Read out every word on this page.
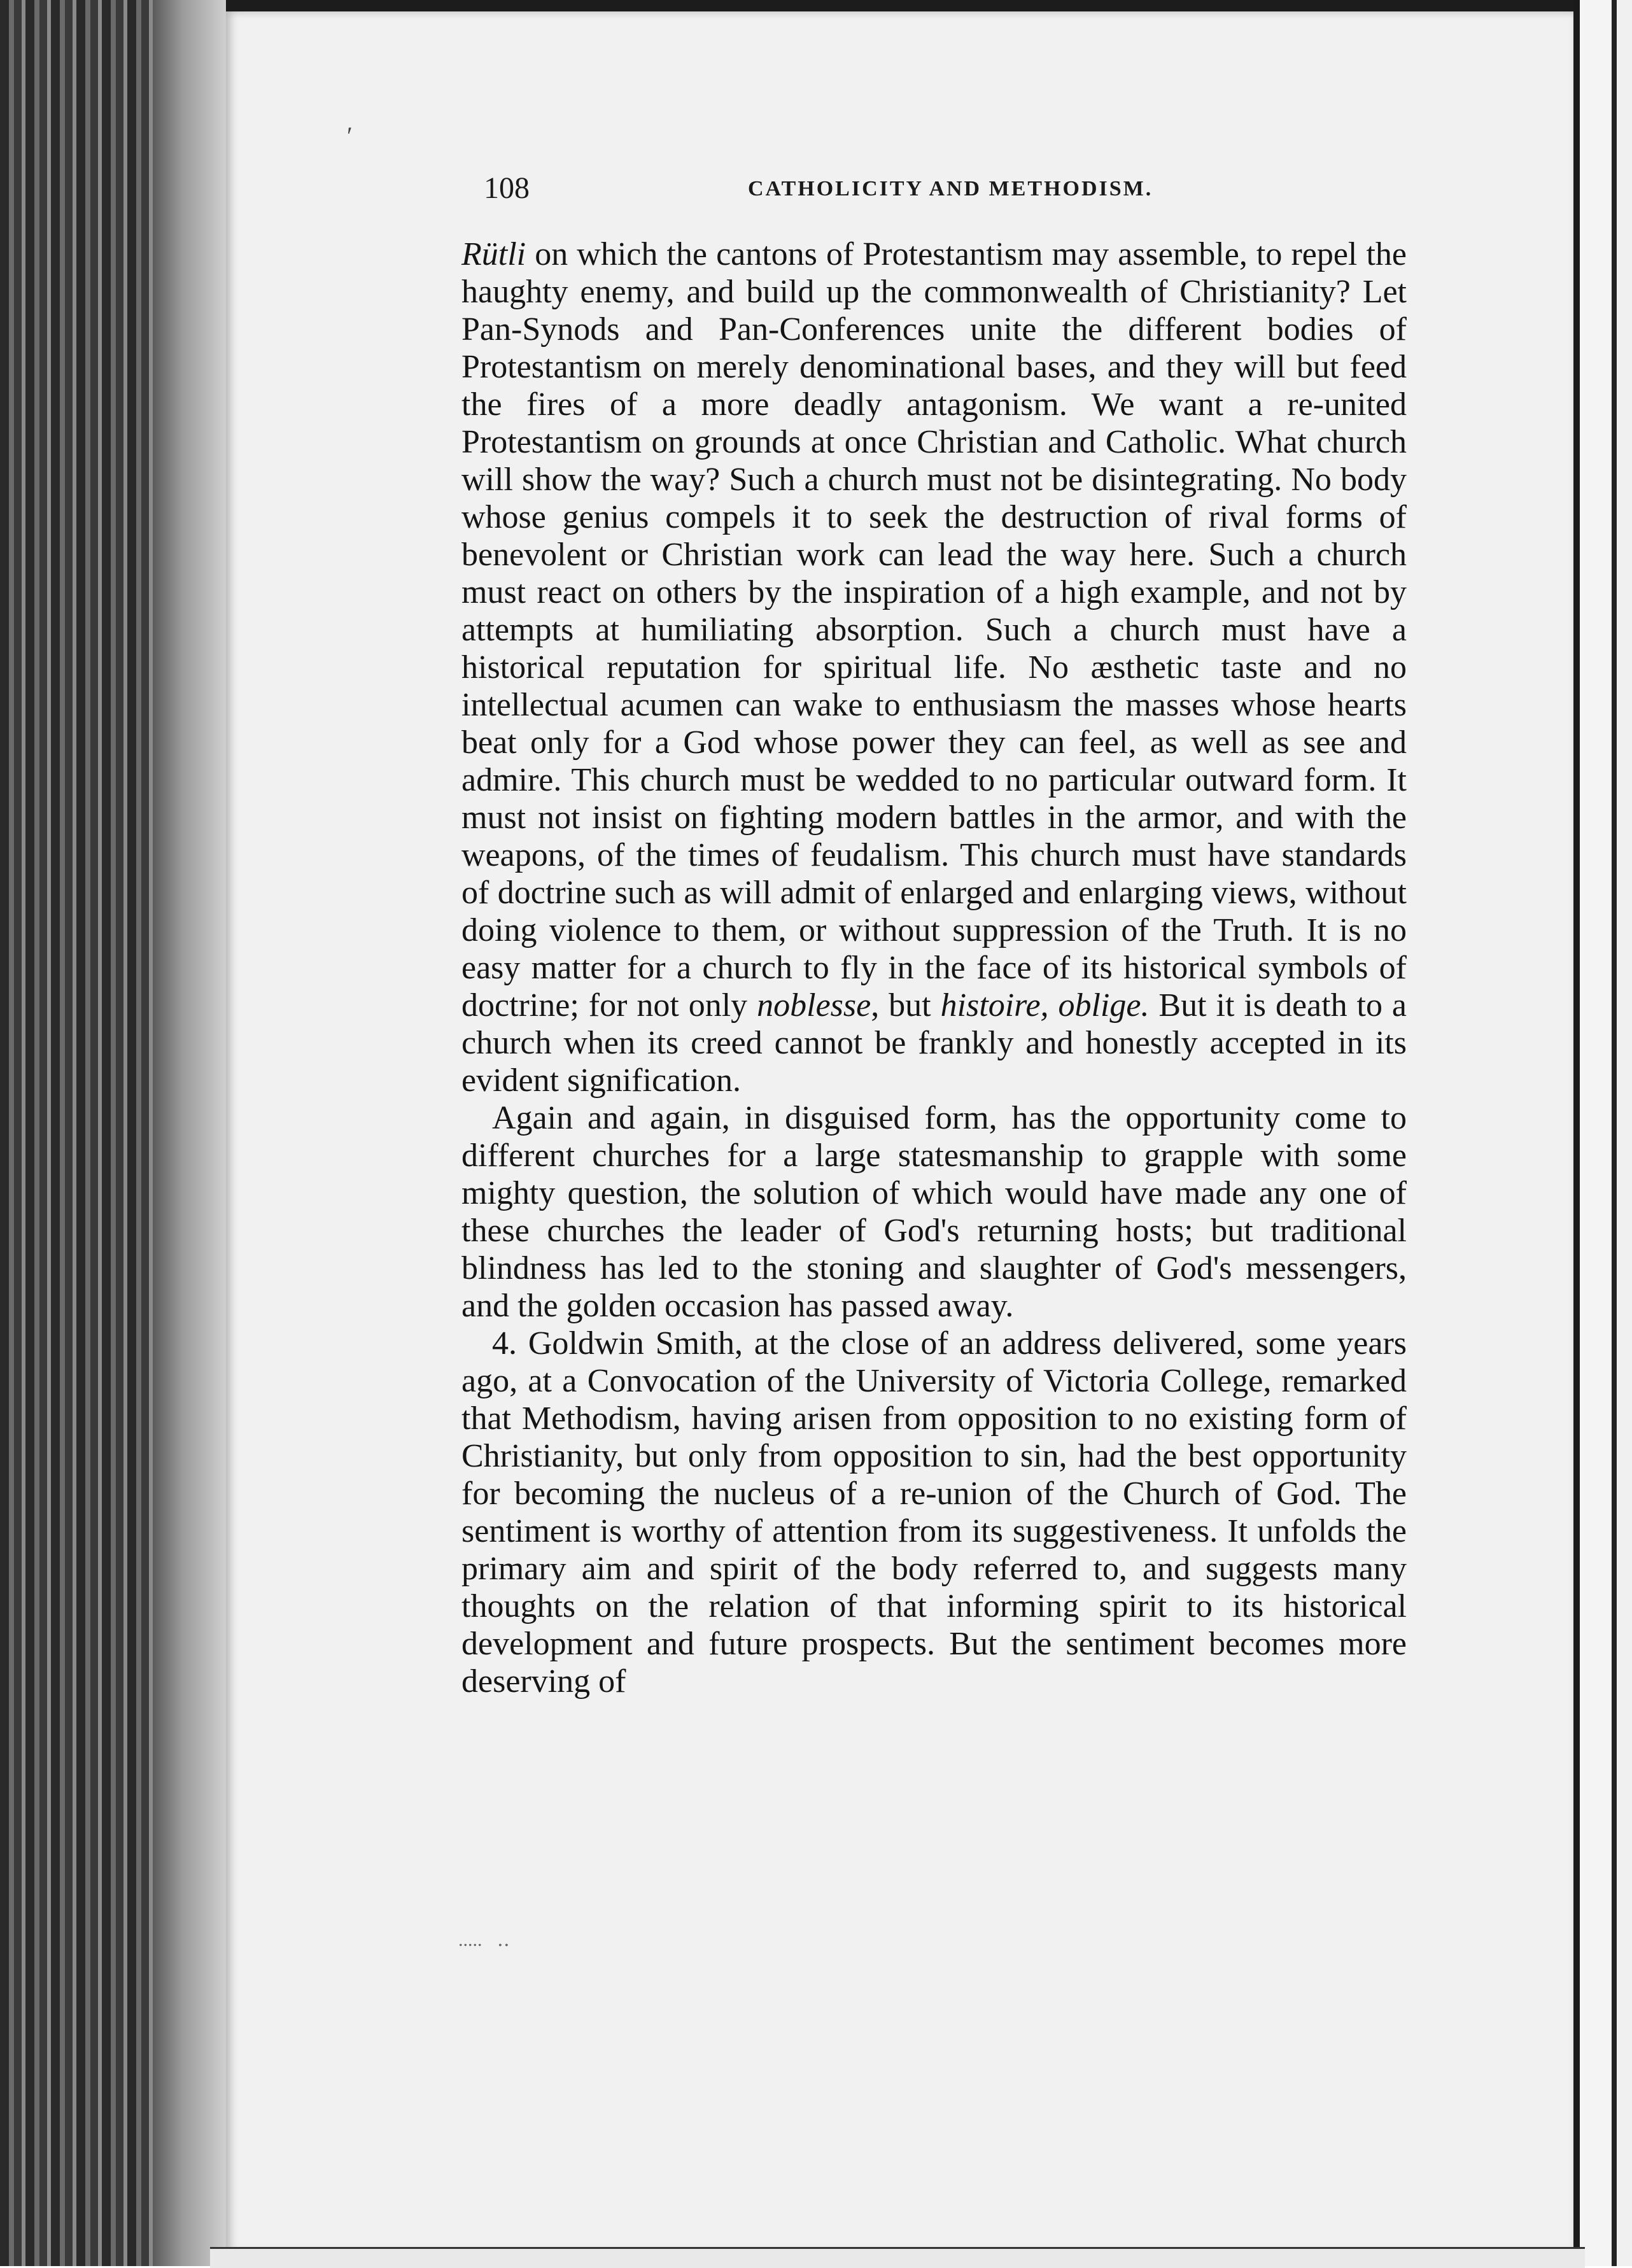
108	CATHOLICITY AND METHODISM.

Rütli on which the cantons of Protestantism may assemble, to repel the haughty enemy, and build up the commonwealth of Christianity? Let Pan-Synods and Pan-Conferences unite the different bodies of Protestantism on merely denominational bases, and they will but feed the fires of a more deadly antagonism. We want a re-united Protestantism on grounds at once Christian and Catholic. What church will show the way? Such a church must not be disintegrating. No body whose genius compels it to seek the destruction of rival forms of benevolent or Christian work can lead the way here. Such a church must react on others by the inspiration of a high example, and not by attempts at humiliating absorption. Such a church must have a historical reputation for spiritual life. No æsthetic taste and no intellectual acumen can wake to enthusiasm the masses whose hearts beat only for a God whose power they can feel, as well as see and admire. This church must be wedded to no particular outward form. It must not insist on fighting modern battles in the armor, and with the weapons, of the times of feudalism. This church must have standards of doctrine such as will admit of enlarged and enlarging views, without doing violence to them, or without suppression of the Truth. It is no easy matter for a church to fly in the face of its historical symbols of doctrine; for not only noblesse, but histoire, oblige. But it is death to a church when its creed cannot be frankly and honestly accepted in its evident signification.

Again and again, in disguised form, has the opportunity come to different churches for a large statesmanship to grapple with some mighty question, the solution of which would have made any one of these churches the leader of God's returning hosts; but traditional blindness has led to the stoning and slaughter of God's messengers, and the golden occasion has passed away.

4. Goldwin Smith, at the close of an address delivered, some years ago, at a Convocation of the University of Victoria College, remarked that Methodism, having arisen from opposition to no existing form of Christianity, but only from opposition to sin, had the best opportunity for becoming the nucleus of a re-union of the Church of God. The sentiment is worthy of attention from its suggestiveness. It unfolds the primary aim and spirit of the body referred to, and suggests many thoughts on the relation of that informing spirit to its historical development and future prospects. But the sentiment becomes more deserving of

′
.....ﾞ‥
